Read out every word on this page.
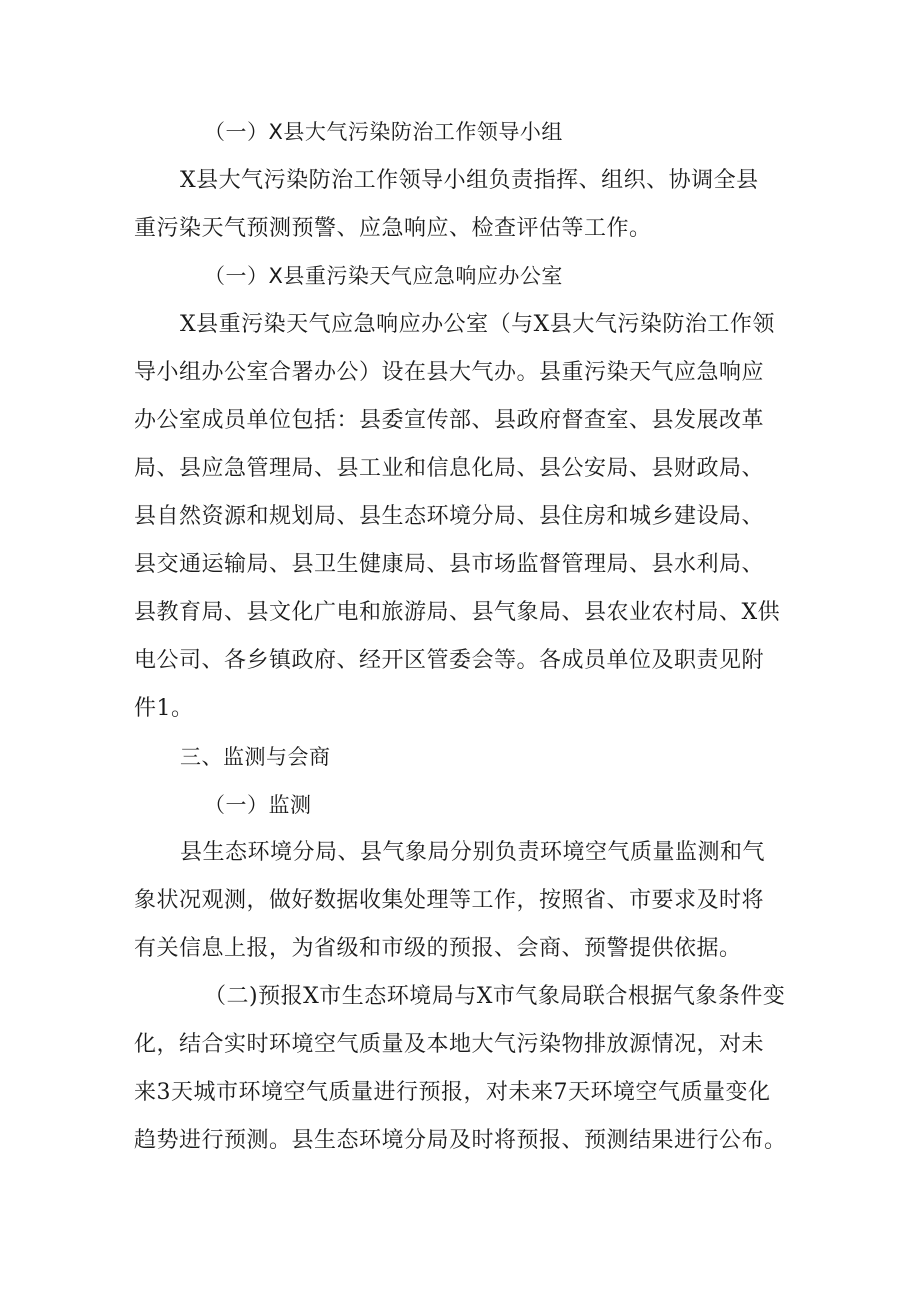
（一）X县大气污染防治工作领导小组
X县大气污染防治工作领导小组负责指挥、组织、协调全县
重污染天气预测预警、应急响应、检查评估等工作。
（一）X县重污染天气应急响应办公室
X县重污染天气应急响应办公室（与X县大气污染防治工作领
导小组办公室合署办公）设在县大气办。县重污染天气应急响应
办公室成员单位包括：县委宣传部、县政府督查室、县发展改革
局、县应急管理局、县工业和信息化局、县公安局、县财政局、
县自然资源和规划局、县生态环境分局、县住房和城乡建设局、
县交通运输局、县卫生健康局、县市场监督管理局、县水利局、
县教育局、县文化广电和旅游局、县气象局、县农业农村局、X供
电公司、各乡镇政府、经开区管委会等。各成员单位及职责见附
件1。
三、监测与会商
（一）监测
县生态环境分局、县气象局分别负责环境空气质量监测和气
象状况观测，做好数据收集处理等工作，按照省、市要求及时将
有关信息上报，为省级和市级的预报、会商、预警提供依据。
（二)预报X市生态环境局与X市气象局联合根据气象条件变
化，结合实时环境空气质量及本地大气污染物排放源情况，对未
来3天城市环境空气质量进行预报，对未来7天环境空气质量变化
趋势进行预测。县生态环境分局及时将预报、预测结果进行公布。
